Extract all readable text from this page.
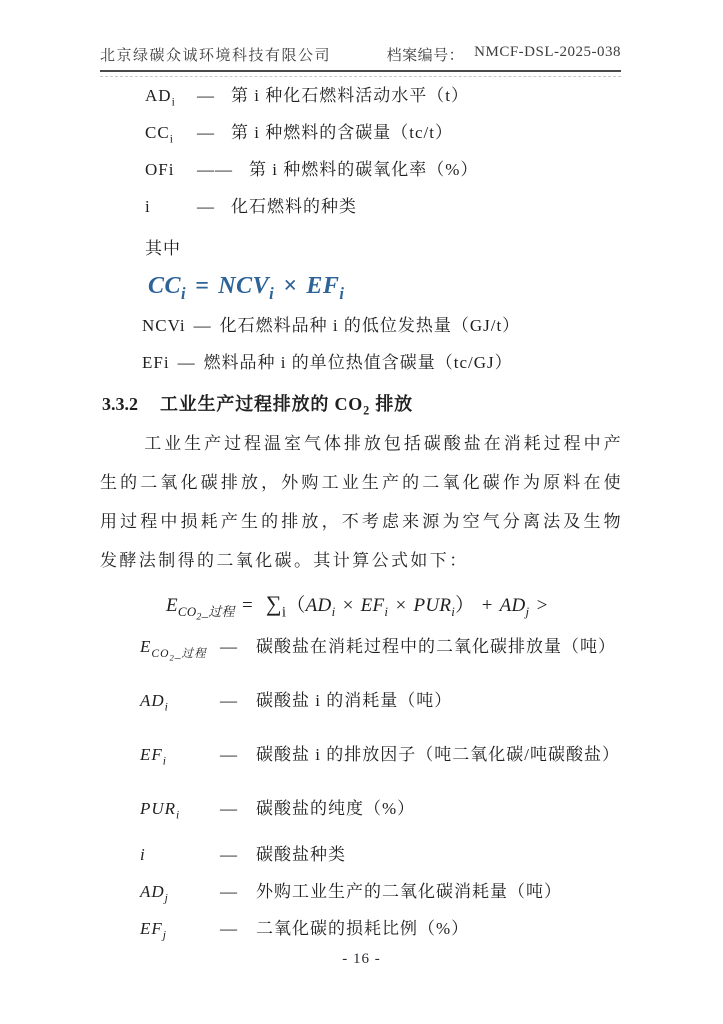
北京绿碳众诚环境科技有限公司	档案编号： NMCF-DSL-2025-038
$AD_i$	— 第 i 种化石燃料活动水平（t）
$CC_i$	— 第 i 种燃料的含碳量（tc/t）
OFi	—— 第 i 种燃料的碳氧化率（%）
i	— 化石燃料的种类
其中
$CC_i = NCV_i \times EF_i$
NCVi — 化石燃料品种 i 的低位发热量（GJ/t）
EFi — 燃料品种 i 的单位热值含碳量（tc/GJ）
3.3.2 工业生产过程排放的 $CO_2$ 排放
工业生产过程温室气体排放包括碳酸盐在消耗过程中产生的二氧化碳排放，外购工业生产的二氧化碳作为原料在使用过程中损耗产生的排放，不考虑来源为空气分离法及生物发酵法制得的二氧化碳。其计算公式如下：
$E_{CO_2\_过程} = \sum_i(AD_i \times EF_i \times PUR_i) + AD_j$ >
$E_{CO_2\_过程}$ — 碳酸盐在消耗过程中的二氧化碳排放量（吨）
$AD_i$	— 碳酸盐 i 的消耗量（吨）
$EF_i$	— 碳酸盐 i 的排放因子（吨二氧化碳/吨碳酸盐）
$PUR_i$	— 碳酸盐的纯度（%）
i	— 碳酸盐种类
$AD_j$	— 外购工业生产的二氧化碳消耗量（吨）
$EF_j$	— 二氧化碳的损耗比例（%）
- 16 -
